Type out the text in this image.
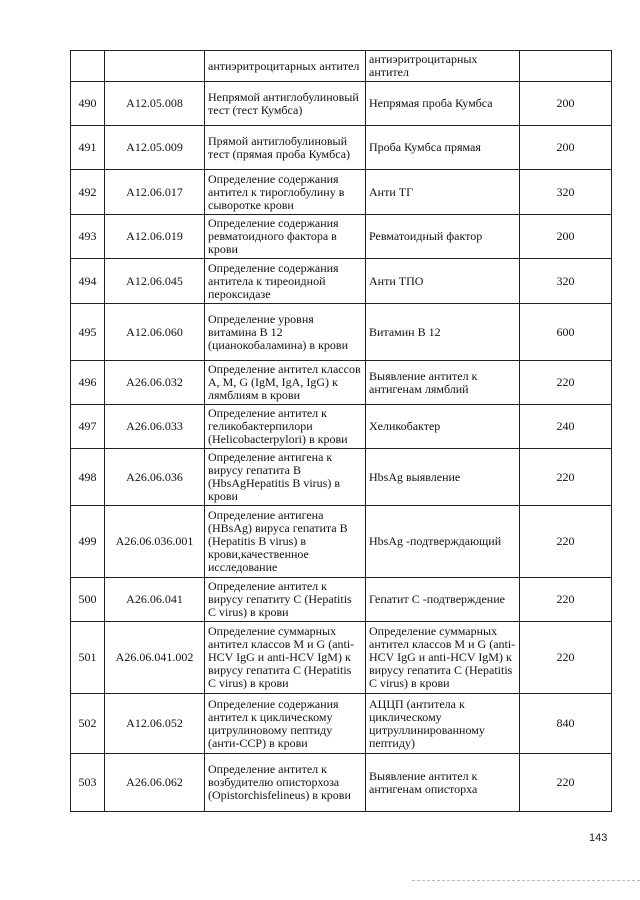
		антиэритроцитарных антител	антиэритроцитарных антител	
490	A12.05.008	Непрямой антиглобулиновый тест (тест Кумбса)	Непрямая проба Кумбса	200
491	A12.05.009	Прямой антиглобулиновый тест (прямая проба Кумбса)	Проба Кумбса прямая	200
492	A12.06.017	Определение содержания антител к тироглобулину в сыворотке крови	Анти ТГ	320
493	A12.06.019	Определение содержания ревматоидного фактора в крови	Ревматоидный фактор	200
494	A12.06.045	Определение содержания антитела к тиреоидной пероксидазе	Анти ТПО	320
495	A12.06.060	Определение уровня витамина В 12 (цианокобаламина) в крови	Витамин В 12	600
496	A26.06.032	Определение антител классов A, M, G (IgM, IgA, IgG) к лямблиям в крови	Выявление антител к антигенам лямблий	220
497	A26.06.033	Определение антител к геликобактерпилори (Helicobacterpylori) в крови	Хеликобактер	240
498	A26.06.036	Определение антигена к вирусу гепатита В (HbsAgHepatitis B virus) в крови	HbsAg выявление	220
499	A26.06.036.001	Определение антигена (HBsAg) вируса гепатита В (Hepatitis B virus) в крови,качественное исследование	HbsAg -подтверждающий	220
500	A26.06.041	Определение антител к вирусу гепатиту С (Hepatitis C virus) в крови	Гепатит С -подтверждение	220
501	A26.06.041.002	Определение суммарных антител классов M и G (anti-HCV IgG и anti-HCV IgM) к вирусу гепатита С (Hepatitis C virus) в крови	Определение суммарных антител классов M и G (anti-HCV IgG и anti-HCV IgM) к вирусу гепатита С (Hepatitis C virus) в крови	220
502	A12.06.052	Определение содержания антител к циклическому цитрулиновому пептиду (анти-ССР) в крови	АЦЦП (антитела к циклическому цитруллинированному пептиду)	840
503	A26.06.062	Определение антител к возбудителю описторхоза (Opistorchisfelineus) в крови	Выявление антител к антигенам описторха	220
143
